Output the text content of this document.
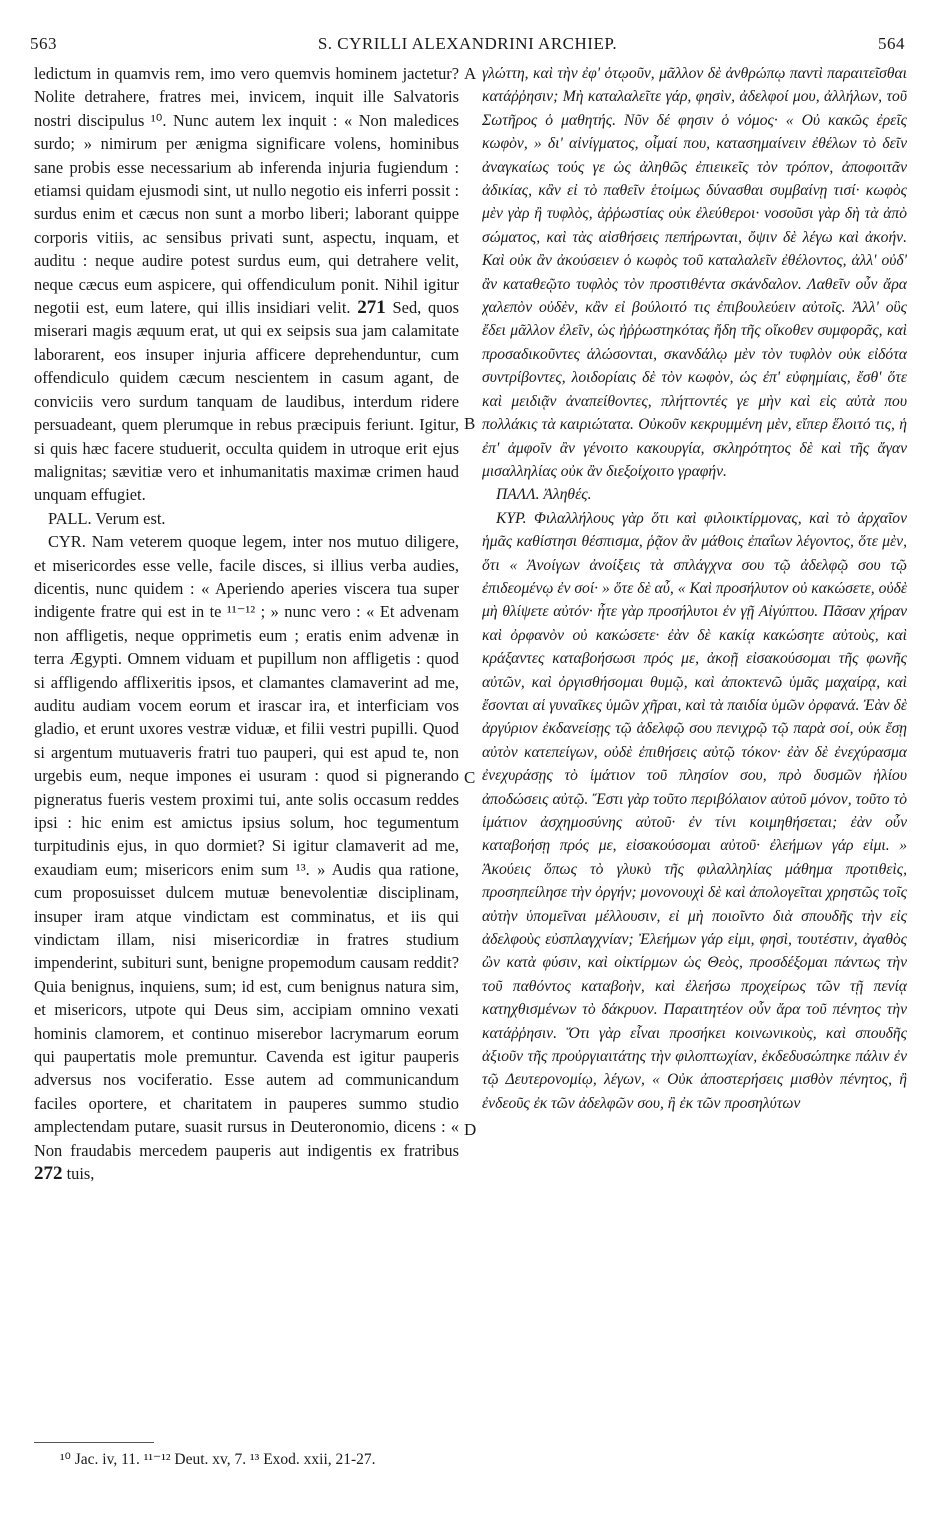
563	S. CYRILLI ALEXANDRINI ARCHIEP.	564

ledictum in quamvis rem, imo vero quemvis hominem jactetur? Nolite detrahere, fratres mei, invicem, inquit ille Salvatoris nostri discipulus ¹⁰. Nunc autem lex inquit : « Non maledices surdo; » nimirum per ænigma significare volens, hominibus sane probis esse necessarium ab inferenda injuria fugiendum : etiamsi quidam ejusmodi sint, ut nullo negotio eis inferri possit : surdus enim et cæcus non sunt a morbo liberi; laborant quippe corporis vitiis, ac sensibus privati sunt, aspectu, inquam, et auditu : neque audire potest surdus eum, qui detrahere velit, neque cæcus eum aspicere, qui offendiculum ponit. Nihil igitur negotii est, eum latere, qui illis insidiari velit. 271 Sed, quos miserari magis æquum erat, ut qui ex seipsis sua jam calamitate laborarent, eos insuper injuria afficere deprehenduntur, cum offendiculo quidem cæcum nescientem in casum agant, de conviciis vero surdum tanquam de laudibus, interdum ridere persuadeant, quem plerumque in rebus præcipuis feriunt. Igitur, si quis hæc facere studuerit, occulta quidem in utroque erit ejus malignitas; sævitiæ vero et inhumanitatis maximæ crimen haud unquam effugiet.

PALL. Verum est.

CYR. Nam veterem quoque legem, inter nos mutuo diligere, et misericordes esse velle, facile disces, si illius verba audies, dicentis, nunc quidem : « Aperiendo aperies viscera tua super indigente fratre qui est in te ¹¹⁻¹² ; » nunc vero : « Et advenam non affligetis, neque opprimetis eum ; eratis enim advenæ in terra Ægypti. Omnem viduam et pupillum non affligetis : quod si affligendo afflixeritis ipsos, et clamantes clamaverint ad me, auditu audiam vocem eorum et irascar ira, et interficiam vos gladio, et erunt uxores vestræ viduæ, et filii vestri pupilli. Quod si argentum mutuaveris fratri tuo pauperi, qui est apud te, non urgebis eum, neque impones ei usuram : quod si pignerando pigneratus fueris vestem proximi tui, ante solis occasum reddes ipsi : hic enim est amictus ipsius solum, hoc tegumentum turpitudinis ejus, in quo dormiet? Si igitur clamaverit ad me, exaudiam eum; misericors enim sum ¹³. » Audis qua ratione, cum proposuisset dulcem mutuæ benevolentiæ disciplinam, insuper iram atque vindictam est comminatus, et iis qui vindictam illam, nisi misericordiæ in fratres studium impenderint, subituri sunt, benigne propemodum causam reddit? Quia benignus, inquiens, sum; id est, cum benignus natura sim, et misericors, utpote qui Deus sim, accipiam omnino vexati hominis clamorem, et continuo miserebor lacrymarum eorum qui paupertatis mole premuntur. Cavenda est igitur pauperis adversus nos vociferatio. Esse autem ad communicandum faciles oportere, et charitatem in pauperes summo studio amplectendam putare, suasit rursus in Deuteronomio, dicens : « Non fraudabis mercedem pauperis aut indigentis ex fratribus 272 tuis,

A
B
C
D

γλώττη, καὶ τὴν ἐφ' ὁτῳοῦν, μᾶλλον δὲ ἀνθρώπῳ παντὶ παραιτεῖσθαι κατάῤῥησιν; Μὴ καταλαλεῖτε γάρ, φησὶν, ἀδελφοί μου, ἀλλήλων, τοῦ Σωτῆρος ὁ μαθητής. Νῦν δέ φησιν ὁ νόμος· « Οὐ κακῶς ἐρεῖς κωφὸν, » δι' αἰνίγματος, οἶμαί που, κατασημαίνειν ἐθέλων τὸ δεῖν ἀναγκαίως τούς γε ὡς ἀληθῶς ἐπιεικεῖς τὸν τρόπον, ἀποφοιτᾶν ἀδικίας, κἂν εἰ τὸ παθεῖν ἑτοίμως δύνασθαι συμβαίνῃ τισί· κωφὸς μὲν γὰρ ἢ τυφλὸς, ἀῤῥωστίας οὐκ ἐλεύθεροι· νοσοῦσι γὰρ δὴ τὰ ἀπὸ σώματος, καὶ τὰς αἰσθήσεις πεπήρωνται, ὄψιν δὲ λέγω καὶ ἀκοήν. Καὶ οὐκ ἂν ἀκούσειεν ὁ κωφὸς τοῦ καταλαλεῖν ἐθέλοντος, ἀλλ' οὐδ' ἂν καταθεῷτο τυφλὸς τὸν προστιθέντα σκάνδαλον. Λαθεῖν οὖν ἄρα χαλεπὸν οὐδὲν, κἂν εἰ βούλοιτό τις ἐπιβουλεύειν αὐτοῖς. Ἀλλ' οὓς ἔδει μᾶλλον ἐλεῖν, ὡς ἠῤῥωστηκότας ἤδη τῆς οἴκοθεν συμφορᾶς, καὶ προσαδικοῦντες ἁλώσονται, σκανδάλῳ μὲν τὸν τυφλὸν οὐκ εἰδότα συντρίβοντες, λοιδορίαις δὲ τὸν κωφὸν, ὡς ἐπ' εὐφημίαις, ἔσθ' ὅτε καὶ μειδιᾷν ἀναπείθοντες, πλήττοντές γε μὴν καὶ εἰς αὐτὰ που πολλάκις τὰ καιριώτατα. Οὐκοῦν κεκρυμμένη μὲν, εἴπερ ἕλοιτό τις, ἡ ἐπ' ἀμφοῖν ἂν γένοιτο κακουργία, σκληρότητος δὲ καὶ τῆς ἄγαν μισαλληλίας οὐκ ἂν διεξοίχοιτο γραφήν.

ΠΑΛΛ. Ἀληθές.

ΚΥΡ. Φιλαλλήλους γὰρ ὅτι καὶ φιλοικτίρμονας, καὶ τὸ ἀρχαῖον ἡμᾶς καθίστησι θέσπισμα, ῥᾷον ἂν μάθοις ἐπαΐων λέγοντος, ὅτε μὲν, ὅτι « Ἀνοίγων ἀνοίξεις τὰ σπλάγχνα σου τῷ ἀδελφῷ σου τῷ ἐπιδεομένῳ ἐν σοί· » ὅτε δὲ αὖ, « Καὶ προσήλυτον οὐ κακώσετε, οὐδὲ μὴ θλίψετε αὐτόν· ἦτε γὰρ προσήλυτοι ἐν γῇ Αἰγύπτου. Πᾶσαν χήραν καὶ ὀρφανὸν οὐ κακώσετε· ἐὰν δὲ κακίᾳ κακώσητε αὐτοὺς, καὶ κράξαντες καταβοήσωσι πρός με, ἀκοῇ εἰσακούσομαι τῆς φωνῆς αὐτῶν, καὶ ὀργισθήσομαι θυμῷ, καὶ ἀποκτενῶ ὑμᾶς μαχαίρᾳ, καὶ ἔσονται αἱ γυναῖκες ὑμῶν χῆραι, καὶ τὰ παιδία ὑμῶν ὀρφανά. Ἐὰν δὲ ἀργύριον ἐκδανείσῃς τῷ ἀδελφῷ σου πενιχρῷ τῷ παρὰ σοί, οὐκ ἔσῃ αὐτὸν κατεπείγων, οὐδὲ ἐπιθήσεις αὐτῷ τόκον· ἐὰν δὲ ἐνεχύρασμα ἐνεχυράσῃς τὸ ἱμάτιον τοῦ πλησίον σου, πρὸ δυσμῶν ἡλίου ἀποδώσεις αὐτῷ. Ἔστι γὰρ τοῦτο περιβόλαιον αὐτοῦ μόνον, τοῦτο τὸ ἱμάτιον ἀσχημοσύνης αὐτοῦ· ἐν τίνι κοιμηθήσεται; ἐὰν οὖν καταβοήσῃ πρός με, εἰσακούσομαι αὐτοῦ· ἐλεήμων γάρ εἰμι. » Ἀκούεις ὅπως τὸ γλυκὺ τῆς φιλαλληλίας μάθημα προτιθεὶς, προσηπείλησε τὴν ὀργήν; μονονουχὶ δὲ καὶ ἀπολογεῖται χρηστῶς τοῖς αὐτὴν ὑπομεῖναι μέλλουσιν, εἰ μὴ ποιοῖντο διὰ σπουδῆς τὴν εἰς ἀδελφοὺς εὐσπλαγχνίαν; Ἐλεήμων γάρ εἰμι, φησὶ, τουτέστιν, ἀγαθὸς ὢν κατὰ φύσιν, καὶ οἰκτίρμων ὡς Θεὸς, προσδέξομαι πάντως τὴν τοῦ παθόντος καταβοὴν, καὶ ἐλεήσω προχείρως τῶν τῇ πενίᾳ κατηχθισμένων τὸ δάκρυον. Παραιτητέον οὖν ἄρα τοῦ πένητος τὴν κατάῤῥησιν. Ὅτι γὰρ εἶναι προσήκει κοινωνικοὺς, καὶ σπουδῆς ἀξιοῦν τῆς προὐργιαιτάτης τὴν φιλοπτωχίαν, ἐκδεδυσώπηκε πάλιν ἐν τῷ Δευτερονομίῳ, λέγων, « Οὐκ ἀποστερήσεις μισθὸν πένητος, ἢ ἐνδεοῦς ἐκ τῶν ἀδελφῶν σου, ἢ ἐκ τῶν προσηλύτων

¹⁰ Jac. iv, 11. ¹¹⁻¹² Deut. xv, 7. ¹³ Exod. xxii, 21-27.
